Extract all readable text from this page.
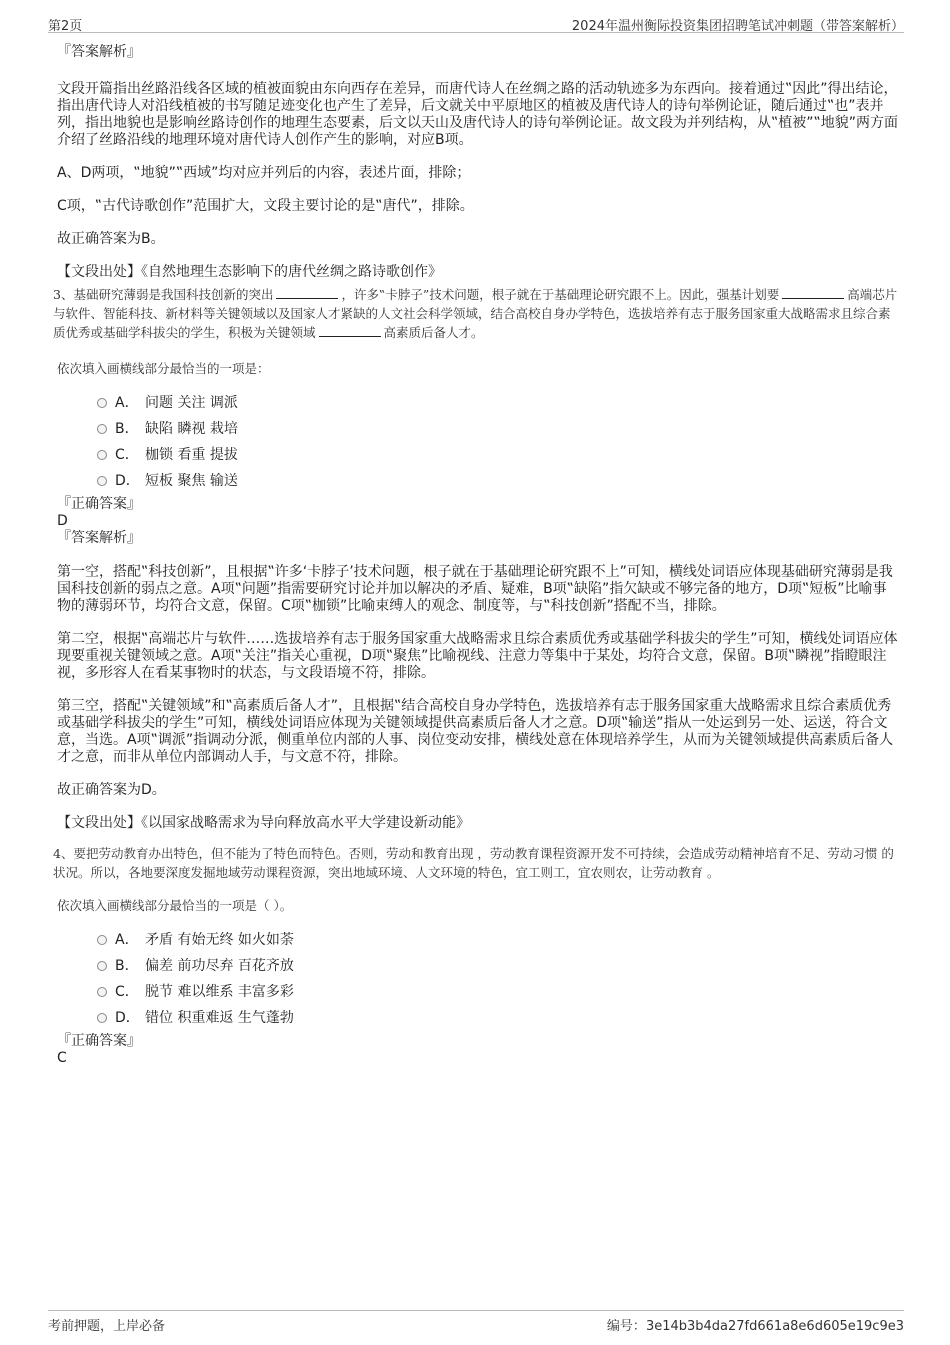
第2页	2024年温州衡际投资集团招聘笔试冲刺题（带答案解析）

『答案解析』

文段开篇指出丝路沿线各区域的植被面貌由东向西存在差异，而唐代诗人在丝绸之路的活动轨迹多为东西向。接着通过‟因此”得出结论，指出唐代诗人对沿线植被的书写随足迹变化也产生了差异，后文就关中平原地区的植被及唐代诗人的诗句举例论证，随后通过‟也”表并列，指出地貌也是影响丝路诗创作的地理生态要素，后文以天山及唐代诗人的诗句举例论证。故文段为并列结构，从‟植被”‟地貌”两方面介绍了丝路沿线的地理环境对唐代诗人创作产生的影响，对应B项。

A、D两项，‟地貌”‟西域”均对应并列后的内容，表述片面，排除；

C项，‟古代诗歌创作”范围扩大，文段主要讨论的是‟唐代”，排除。

故正确答案为B。

【文段出处】《自然地理生态影响下的唐代丝绸之路诗歌创作》

3、基础研究薄弱是我国科技创新的突出	，许多‟卡脖子”技术问题，根子就在于基础理论研究跟不上。因此，强基计划要	高端芯片与软件、智能科技、新材料等关键领域以及国家人才紧缺的人文社会科学领域，结合高校自身办学特色，选拔培养有志于服务国家重大战略需求且综合素质优秀或基础学科拔尖的学生，积极为关键领域	高素质后备人才。

依次填入画横线部分最恰当的一项是：

A． 问题 关注 调派
B． 缺陷 瞵视 栽培
C． 枷锁 看重 提拔
D． 短板 聚焦 输送

『正确答案』

D

『答案解析』

第一空，搭配‟科技创新”，且根据‟许多‘卡脖子’技术问题，根子就在于基础理论研究跟不上”可知，横线处词语应体现基础研究薄弱是我国科技创新的弱点之意。A项‟问题”指需要研究讨论并加以解决的矛盾、疑难，B项‟缺陷”指欠缺或不够完备的地方，D项‟短板”比喻事物的薄弱环节，均符合文意，保留。C项‟枷锁”比喻束缚人的观念、制度等，与‟科技创新”搭配不当，排除。

第二空，根据‟高端芯片与软件……选拔培养有志于服务国家重大战略需求且综合素质优秀或基础学科拔尖的学生”可知，横线处词语应体现要重视关键领域之意。A项‟关注”指关心重视，D项‟聚焦”比喻视线、注意力等集中于某处，均符合文意，保留。B项‟瞵视”指瞪眼注视，多形容人在看某事物时的状态，与文段语境不符，排除。

第三空，搭配‟关键领域”和‟高素质后备人才”，且根据‟结合高校自身办学特色，选拔培养有志于服务国家重大战略需求且综合素质优秀或基础学科拔尖的学生”可知，横线处词语应体现为关键领域提供高素质后备人才之意。D项‟输送”指从一处运到另一处、运送，符合文意，当选。A项‟调派”指调动分派，侧重单位内部的人事、岗位变动安排，横线处意在体现培养学生，从而为关键领域提供高素质后备人才之意，而非从单位内部调动人手，与文意不符，排除。

故正确答案为D。

【文段出处】《以国家战略需求为导向释放高水平大学建设新动能》

4、要把劳动教育办出特色，但不能为了特色而特色。否则，劳动和教育出现 ，劳动教育课程资源开发不可持续，会造成劳动精神培育不足、劳动习惯 的状况。所以，各地要深度发掘地域劳动课程资源，突出地域环境、人文环境的特色，宜工则工，宜农则农，让劳动教育 。

依次填入画横线部分最恰当的一项是（ ）。

A． 矛盾 有始无终 如火如荼
B． 偏差 前功尽弃 百花齐放
C． 脱节 难以维系 丰富多彩
D． 错位 积重难返 生气蓬勃

『正确答案』

C

考前押题，上岸必备	编号：3e14b3b4da27fd661a8e6d605e19c9e3
